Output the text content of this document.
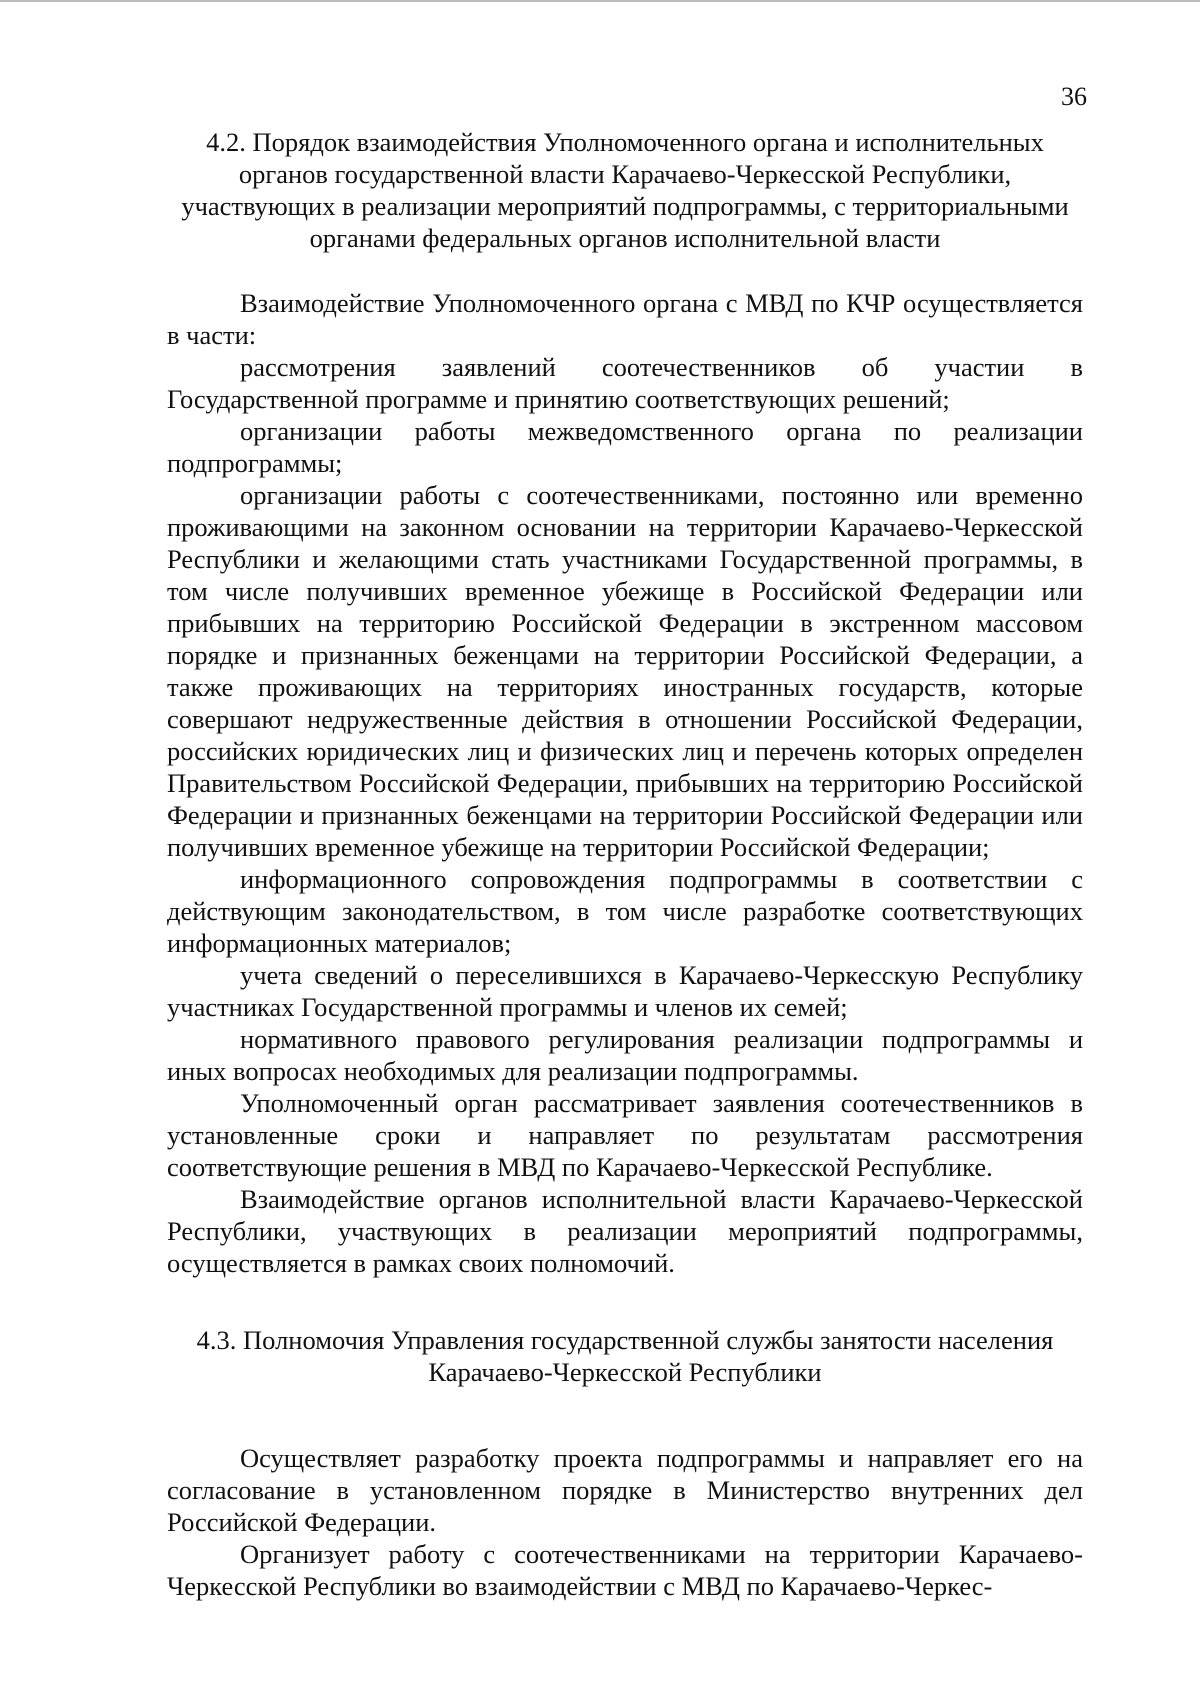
36
4.2. Порядок взаимодействия Уполномоченного органа и исполнительных органов государственной власти Карачаево-Черкесской Республики, участвующих в реализации мероприятий подпрограммы, с территориальными органами федеральных органов исполнительной власти

Взаимодействие Уполномоченного органа с МВД по КЧР осуществляется в части:

рассмотрения заявлений соотечественников об участии в Государственной программе и принятию соответствующих решений;

организации работы межведомственного органа по реализации подпрограммы;

организации работы с соотечественниками, постоянно или временно проживающими на законном основании на территории Карачаево-Черкесской Республики и желающими стать участниками Государственной программы, в том числе получивших временное убежище в Российской Федерации или прибывших на территорию Российской Федерации в экстренном массовом порядке и признанных беженцами на территории Российской Федерации, а также проживающих на территориях иностранных государств, которые совершают недружественные действия в отношении Российской Федерации, российских юридических лиц и физических лиц и перечень которых определен Правительством Российской Федерации, прибывших на территорию Российской Федерации и признанных беженцами на территории Российской Федерации или получивших временное убежище на территории Российской Федерации;

информационного сопровождения подпрограммы в соответствии с действующим законодательством, в том числе разработке соответствующих информационных материалов;

учета сведений о переселившихся в Карачаево-Черкесскую Республику участниках Государственной программы и членов их семей;

нормативного правового регулирования реализации подпрограммы и иных вопросах необходимых для реализации подпрограммы.

Уполномоченный орган рассматривает заявления соотечественников в установленные сроки и направляет по результатам рассмотрения соответствующие решения в МВД по Карачаево-Черкесской Республике.

Взаимодействие органов исполнительной власти Карачаево-Черкесской Республики, участвующих в реализации мероприятий подпрограммы, осуществляется в рамках своих полномочий.

4.3. Полномочия Управления государственной службы занятости населения Карачаево-Черкесской Республики

Осуществляет разработку проекта подпрограммы и направляет его на согласование в установленном порядке в Министерство внутренних дел Российской Федерации.

Организует работу с соотечественниками на территории Карачаево-Черкесской Республики во взаимодействии с МВД по Карачаево-Черкес-
